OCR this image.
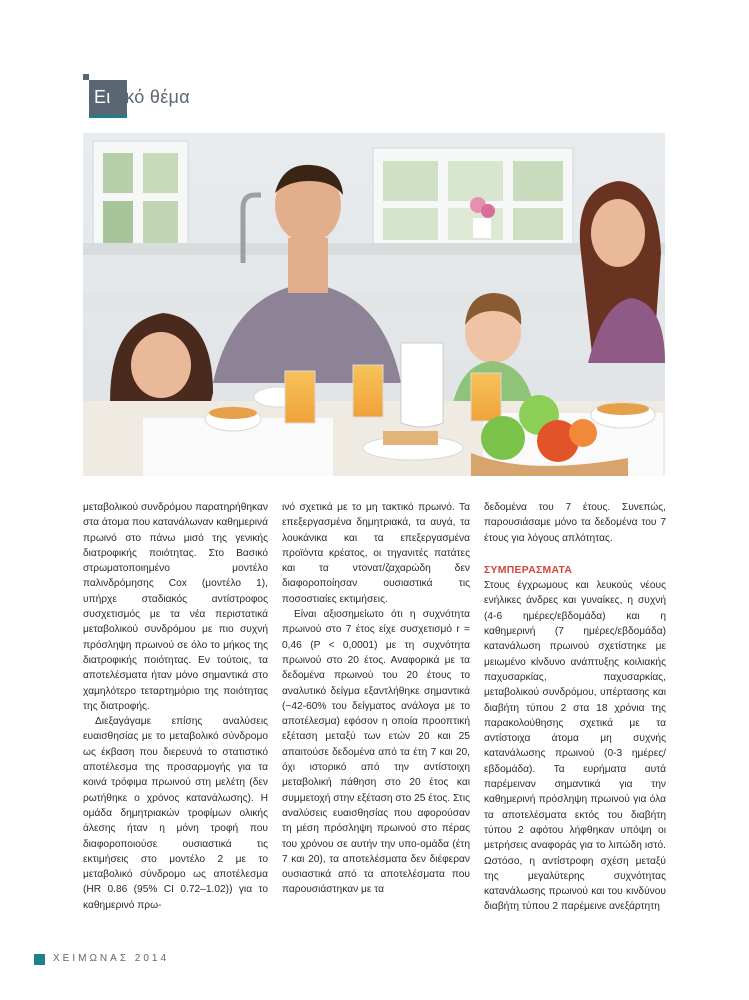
Ειδικό θέμα

μεταβολικού συνδρόμου παρατηρήθηκαν στα άτομα που κατανάλωναν καθημερινά πρωινό στο πάνω μισό της γενικής διατροφικής ποιότητας. Στο Βασικό στρωματοποιημένο μοντέλο παλινδρόμησης Cox (μοντέλο 1), υπήρχε σταδιακός αντίστροφος συσχετισμός με τα νέα περιστατικά μεταβολικού συνδρόμου με πιο συχνή πρόσληψη πρωινού σε όλο το μήκος της διατροφικής ποιότητας. Εν τούτοις, τα αποτελέσματα ήταν μόνο σημαντικά στο χαμηλότερο τεταρτημόριο της ποιότητας της διατροφής.

Διεξαγάγαμε επίσης αναλύσεις ευαισθησίας με το μεταβολικό σύνδρομο ως έκβαση που διερευνά το στατιστικό αποτέλεσμα της προσαρμογής για τα κοινά τρόφιμα πρωινού στη μελέτη (δεν ρωτήθηκε ο χρόνος κατανάλωσης). Η ομάδα δημητριακών τροφίμων ολικής άλεσης ήταν η μόνη τροφή που διαφοροποιούσε ουσιαστικά τις εκτιμήσεις στο μοντέλο 2 με το μεταβολικό σύνδρομο ως αποτέλεσμα (HR 0.86 (95% CI 0.72–1.02)) για το καθημερινό πρω-

ινό σχετικά με το μη τακτικό πρωινό. Τα επεξεργασμένα δημητριακά, τα αυγά, τα λουκάνικα και τα επεξεργασμένα προϊόντα κρέατος, οι τηγανιτές πατάτες και τα ντονατ/ζαχαρώδη δεν διαφοροποίησαν ουσιαστικά τις ποσοστιαίες εκτιμήσεις.

Είναι αξιοσημείωτο ότι η συχνότητα πρωινού στο 7 έτος είχε συσχετισμό r = 0,46 (P < 0,0001) με τη συχνότητα πρωινού στο 20 έτος. Αναφορικά με τα δεδομένα πρωινού του 20 έτους το αναλυτικό δείγμα εξαντλήθηκε σημαντικά (~42-60% του δείγματος ανάλογα με το αποτέλεσμα) εφόσον η οποία προοπτική εξέταση μεταξύ των ετών 20 και 25 απαιτούσε δεδομένα από τα έτη 7 και 20, όχι ιστορικό από την αντίστοιχη μεταβολική πάθηση στο 20 έτος και συμμετοχή στην εξέταση στο 25 έτος. Στις αναλύσεις ευαισθησίας που αφορούσαν τη μέση πρόσληψη πρωινού στο πέρας του χρόνου σε αυτήν την υπο-ομάδα (έτη 7 και 20), τα αποτελέσματα δεν διέφεραν ουσιαστικά από τα αποτελέσματα που παρουσιάστηκαν με τα

δεδομένα του 7 έτους. Συνεπώς, παρουσιάσαμε μόνο τα δεδομένα του 7 έτους για λόγους απλότητας.

ΣΥΜΠΕΡΑΣΜΑΤΑ

Στους έγχρωμους και λευκούς νέους ενήλικες άνδρες και γυναίκες, η συχνή (4-6 ημέρες/εβδομάδα) και η καθημερινή (7 ημέρες/εβδομάδα) κατανάλωση πρωινού σχετίστηκε με μειωμένο κίνδυνο ανάπτυξης κοιλιακής παχυσαρκίας, παχυσαρκίας, μεταβολικού συνδρόμου, υπέρτασης και διαβήτη τύπου 2 στα 18 χρόνια της παρακολούθησης σχετικά με τα αντίστοιχα άτομα μη συχνής κατανάλωσης πρωινού (0-3 ημέρες/εβδομάδα). Τα ευρήματα αυτά παρέμειναν σημαντικά για την καθημερινή πρόσληψη πρωινού για όλα τα αποτελέσματα εκτός του διαβήτη τύπου 2 αφότου λήφθηκαν υπόψη οι μετρήσεις αναφοράς για το λιπώδη ιστό. Ωστόσο, η αντίστροφη σχέση μεταξύ της μεγαλύτερης συχνότητας κατανάλωσης πρωινού και του κινδύνου διαβήτη τύπου 2 παρέμεινε ανεξάρτητη

ΧΕΙΜΩΝΑΣ 2014
